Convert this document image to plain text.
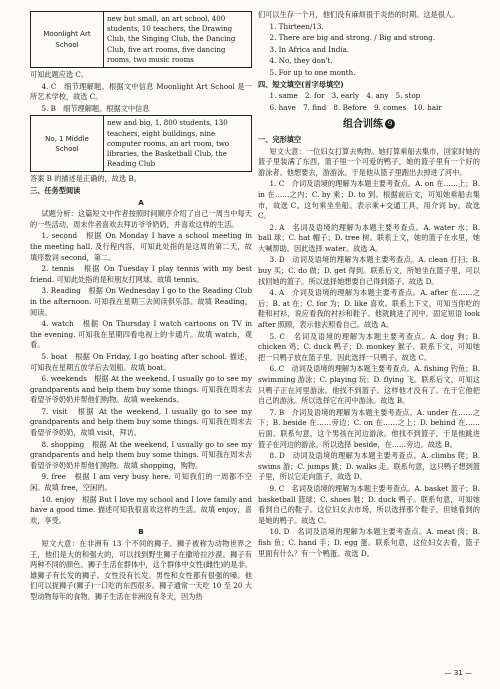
Moonlight Art School	new but small, an art school, 400 students, 10 teachers, the Drawing Club, the Singing Club, the Dancing Club, five art rooms, five dancing rooms, two music rooms

可知此题应选 C。

4. C　细节理解题。根据文中信息 Moonlight Art School 是一所艺术学校，故选 C。

5. B　细节理解题。根据文中信息

No. 1 Middle School	new and big, 1, 800 students, 130 teachers, eight buildings, nine computer rooms, an art room, two libraries, the Basketball Club, the Reading Club

答案 B 的描述是正确的，故选 B。

三、任务型阅读

A

试题分析：这篇短文中作者按照时间顺序介绍了自己一周当中每天的一些活动，周末作者喜欢去拜访爷爷奶奶，并喜欢这样的生活。

1. second　根据 On Monday I have a school meeting in the meeting hall. 及行程内容，可知此处指的是这周的第二天，故填序数词 second，第二。

2. tennis　根据 On Tuesday I play tennis with my best friend. 可知此处指的是和朋友打网球。故填 tennis。

3. Reading　根据 On Wednesday I go to the Reading Club in the afternoon. 可知我在星期三去阅读俱乐部。故填 Reading，阅读。

4. watch　根据 On Thursday I watch cartoons on TV in the evening. 可知我在星期四看电视上的卡通片。故填 watch，观看。

5. boat　根据 On Friday, I go boating after school. 描述，可知我在星期五放学后去划船。故填 boat。

6. weekends　根据 At the weekend, I usually go to see my grandparents and help them buy some things. 可知我在周末去看望爷爷奶奶并帮他们购物。故填 weekends。

7. visit　根据 At the weekend, I usually go to see my grandparents and help them buy some things. 可知我在周末去看望爷爷奶奶，故填 visit，拜访。

8. shopping　根据 At the weekend, I usually go to see my grandparents and help them buy some things. 可知我在周末去看望爷爷奶奶并帮他们购物。故填 shopping，购物。

9. free　根据 I am very busy here. 可知我们的一周都不空闲。故填 free，空闲的。

10. enjoy　根据 But I love my school and I love family and have a good time. 描述可知我很喜欢这样的生活。故填 enjoy，喜欢，享受。

B

短文大意：在非洲有 13 个不同的狮子。狮子被称为动物世界之王，他们是大的和强大的，可以找到野生狮子在撒哈拉沙漠。狮子有两种不同的颜色。狮子生活在群体中，这个群体中女性(雌性)的是非。雄狮子有长发的狮子。女性没有长发。男性和女性都有很强的嗓。他们可以捉狮子(狮子)一口吃的东西很多。狮子通常一天吃 10 至 20 大型动物每年的食物。狮子生活在非洲没有冬天，因为热

们可以生存一个月，他们没有麻烦很于炎热的时期。这是很人。

1. Thirteen/13.

2. There are big and strong. / Big and strong.

3. In Africa and India.

4. No, they don't.

5. For up to one month.

四、短文填空(首字母填空)

1. same　2. for　3. early　4. any　5. stop

6. have　7. find　8. Before　9. comes　10. hair

组合训练 9

一、完形填空

短文大意：一位妇女打算去购物。她打算乘船去集市，回家时她的篮子里装满了东西，篮子里一个可爱的鸭子，她的篮子里有一个好的游泳者。他想要去，游游泳。于是他从篮子里跑出去掉进了河中。

1. C　介词及语境的理解为本题主要考查点。A. on 在……上；B. in 在……之内；C. by 乘；D. to 到。根据前后文，可知她乘船去集市，故选 C。这句乘坐坐船。表示乘+交通工具，用介词 by。故选 C。

2. A　名词及语境的理解为本题主要考查点。A. water 水；B. ball 球；C. hat 帽子；D. tree 树。联系上文，她的篮子在水里，她大喊帮助。因此选择 water。故选 A。

3. D　动词及语境的理解为本题主要考查点。A. clean 打扫；B. buy 买；C. do 做；D. get 得到。联系后文，所她坐在篮子里，可以找回她的篮子。所以选择她想要自己得到篮子。故选 D。

4. A　介词及语境的理解为本题主要考查点。A. after 在……之后；B. at 在；C. for 为；D. like 喜欢。联系上下文，可知当你吃的鞋和衬衫，说应看我的衬衫和鞋子。他就跳进了河中。固定短语 look after 照顾，表示他去照看自己。故选 A。

5. C　名词及语境的理解为本题主要考查点。A. dog 狗；B. chicken 鸡；C. duck 鸭子；D. monkey 猴子。联系下文，可知她把一只鸭子放在篮子里。因此选择一只鸭子。故选 C。

6. C　动词及语境的理解为本题主要考查点。A. fishing 钓鱼；B. swimming 游泳；C. playing 玩；D. flying 飞。联系后文，可知这只鸭子正在河里游泳。他找不到篮子。这样他才没有了。在于它他把自己的游泳。所以选择它在河中游泳。故选 B。

7. B　介词及语境的理解为本题主要考查点。A. under 在……之下；B. beside 在……旁边；C. on 在……之上；D. behind 在……后面。联系句意，这个男孩在河边游泳。他找不到篮子，于是他跳进篮子在河边的游泳。所以选择 beside，在……旁边。故选 B。

8. D　动词及语境的理解为本题主要考查点。A. climbs 爬；B. swims 游；C. jumps 跳；D. walks 走。联系句意，这只鸭子想到篮子里，所以它走向篮子，故选 D。

9. C　名词及语境的理解为本题主要考查点。A. basket 篮子；B. basketball 篮球；C. shoes 鞋；D. duck 鸭子。联系句意，可知她看到自己的鞋子。这位妇女去市场，所以选择那个鞋子，但她看到的是她的鸭子。故选 C。

10. D　名词及语境的理解为本题主要考查点。A. meat 肉；B. fish 鱼；C. hand 手；D. egg 蛋。联系句意，这位妇女去看，篮子里面有什么？有一个鸭蛋。故选 D。

— 31 —
